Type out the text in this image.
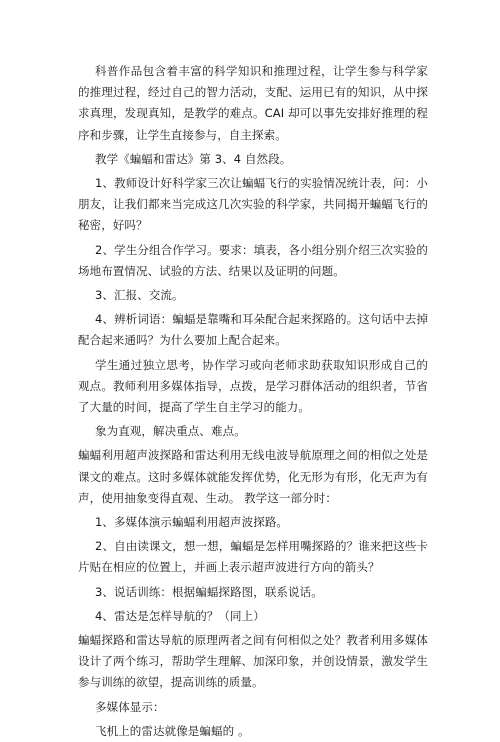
科普作品包含着丰富的科学知识和推理过程，让学生参与科学家的推理过程，经过自己的智力活动，支配、运用已有的知识，从中探求真理，发现真知，是教学的难点。CAI 却可以事先安排好推理的程序和步骤，让学生直接参与，自主探索。

教学《蝙蝠和雷达》第 3、4 自然段。

1、教师设计好科学家三次让蝙蝠飞行的实验情况统计表，问：小朋友，让我们都来当完成这几次实验的科学家，共同揭开蝙蝠飞行的秘密，好吗？

2、学生分组合作学习。要求：填表，各小组分别介绍三次实验的场地布置情况、试验的方法、结果以及证明的问题。

3、汇报、交流。

4、辨析词语：蝙蝠是靠嘴和耳朵配合起来探路的。这句话中去掉配合起来通吗？为什么要加上配合起来。

学生通过独立思考，协作学习或向老师求助获取知识形成自己的观点。教师利用多媒体指导，点拨，是学习群体活动的组织者，节省了大量的时间，提高了学生自主学习的能力。

象为直观，解决重点、难点。

蝙蝠利用超声波探路和雷达利用无线电波导航原理之间的相似之处是课文的难点。这时多媒体就能发挥优势，化无形为有形，化无声为有声，使用抽象变得直观、生动。 教学这一部分时：

1、多媒体演示蝙蝠利用超声波探路。

2、自由读课文，想一想，蝙蝠是怎样用嘴探路的？谁来把这些卡片贴在相应的位置上，并画上表示超声波进行方向的箭头？

3、说话训练：根据蝙蝠探路图，联系说话。

4、雷达是怎样导航的？（同上）

蝙蝠探路和雷达导航的原理两者之间有何相似之处？教者利用多媒体设计了两个练习，帮助学生理解、加深印象，并创设情景，激发学生参与训练的欲望，提高训练的质量。

多媒体显示：

飞机上的雷达就像是蝙蝠的 。
